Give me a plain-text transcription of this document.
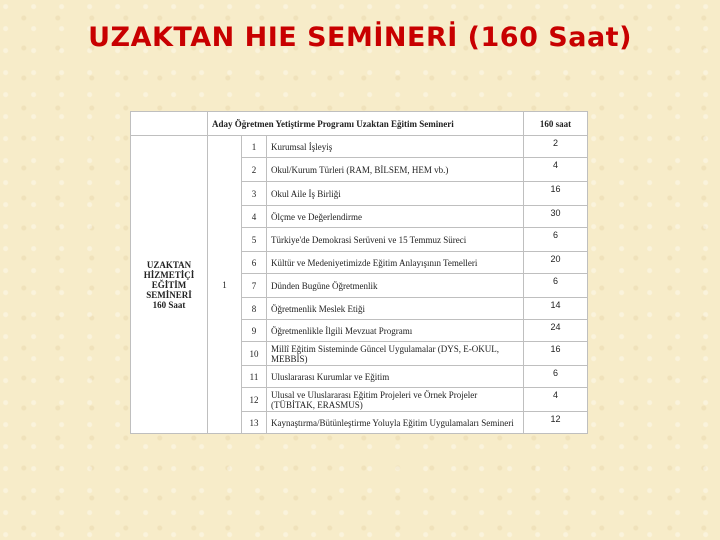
UZAKTAN HIE SEMİNERİ (160 Saat)
	Aday Öğretmen Yetiştirme Programı Uzaktan Eğitim Semineri			160 saat

UZAKTAN
HİZMETİÇİ
EĞİTİM
SEMİNERİ
160 Saat	1	1	Kurumsal İşleyiş	2
		2	Okul/Kurum Türleri (RAM, BİLSEM, HEM vb.)	4
		3	Okul Aile İş Birliği	16
		4	Ölçme ve Değerlendirme	30
		5	Türkiye'de Demokrasi Serüveni ve 15 Temmuz Süreci	6
		6	Kültür ve Medeniyetimizde Eğitim Anlayışının Temelleri	20
		7	Dünden Bugüne Öğretmenlik	6
		8	Öğretmenlik Meslek Etiği	14
		9	Öğretmenlikle İlgili Mevzuat Programı	24
		10	Millî Eğitim Sisteminde Güncel Uygulamalar (DYS, E-OKUL, MEBBİS)	16
		11	Uluslararası Kurumlar ve Eğitim	6
		12	Ulusal ve Uluslararası Eğitim Projeleri ve Örnek Projeler (TÜBİTAK, ERASMUS)	4
		13	Kaynaştırma/Bütünleştirme Yoluyla Eğitim Uygulamaları Semineri	12
